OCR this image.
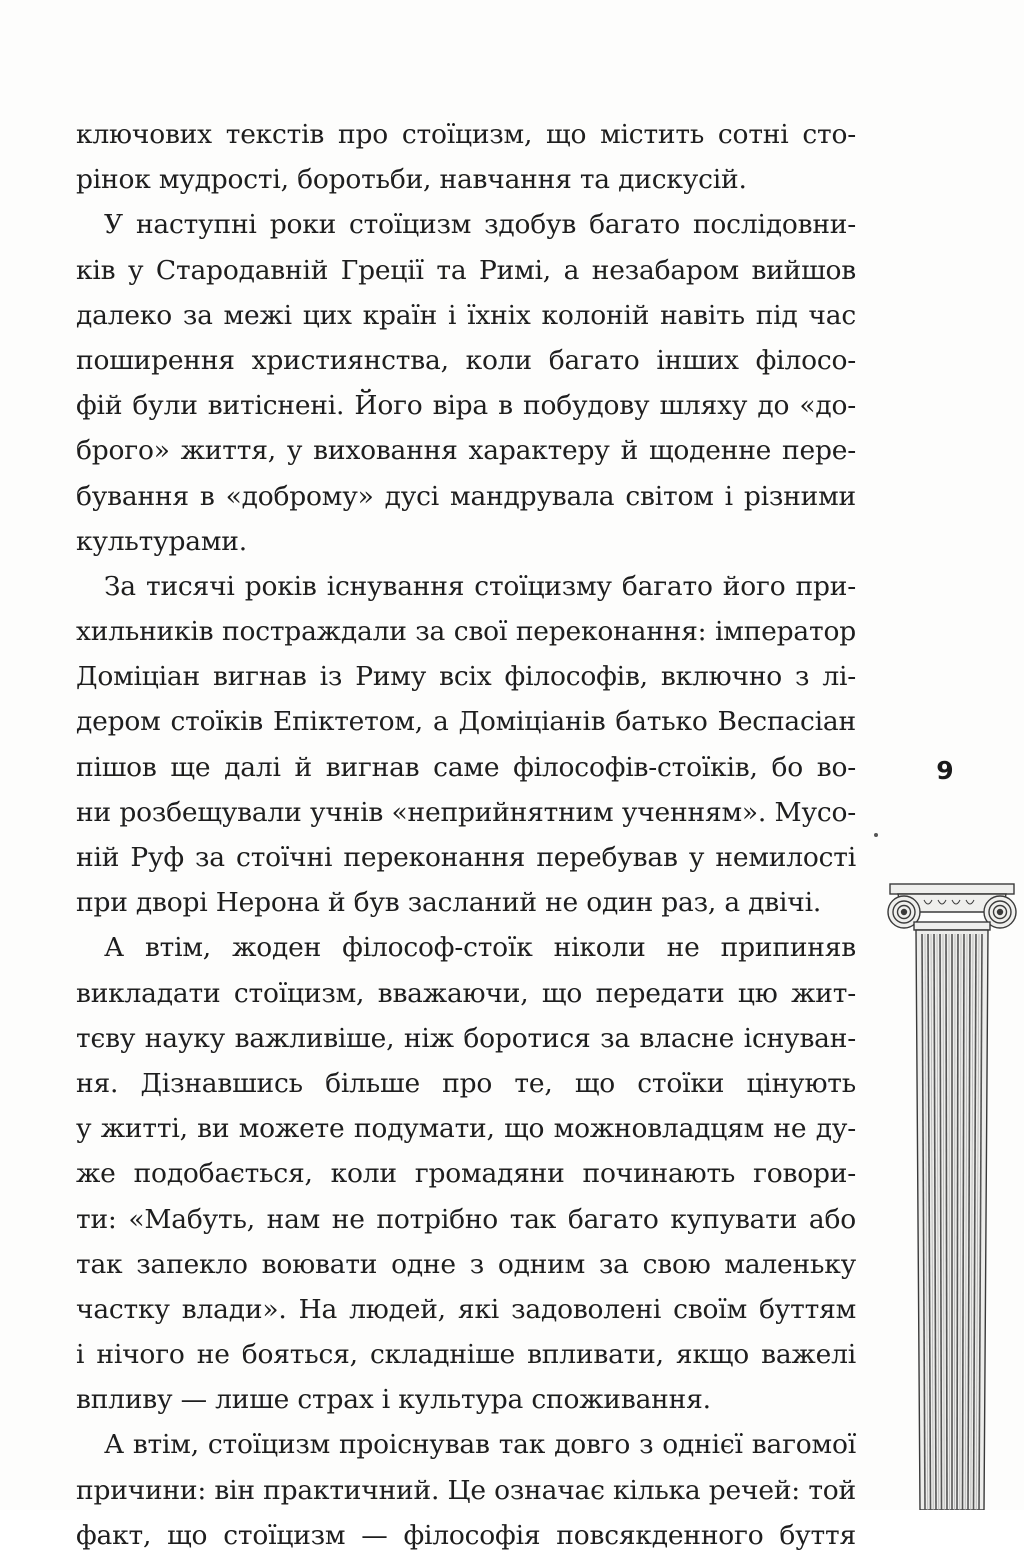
ключових текстів про стоїцизм, що містить сотні сто-
рінок мудрості, боротьби, навчання та дискусій.
У наступні роки стоїцизм здобув багато послідовни-
ків у Стародавній Греції та Римі, а незабаром вийшов
далеко за межі цих країн і їхніх колоній навіть під час
поширення християнства, коли багато інших філосо-
фій були витіснені. Його віра в побудову шляху до «до-
брого» життя, у виховання характеру й щоденне пере-
бування в «доброму» дусі мандрувала світом і різними
культурами.
За тисячі років існування стоїцизму багато його при-
хильників постраждали за свої переконання: імператор
Доміціан вигнав із Риму всіх філософів, включно з лі-
дером стоїків Епіктетом, а Доміціанів батько Веспасіан
пішов ще далі й вигнав саме філософів-стоїків, бо во-
ни розбещували учнів «неприйнятним ученням». Мусо-
ній Руф за стоїчні переконання перебував у немилості
при дворі Нерона й був засланий не один раз, а двічі.
А втім, жоден філософ-стоїк ніколи не припиняв
викладати стоїцизм, вважаючи, що передати цю жит-
тєву науку важливіше, ніж боротися за власне існуван-
ня. Дізнавшись більше про те, що стоїки цінують
у житті, ви можете подумати, що можновладцям не ду-
же подобається, коли громадяни починають говори-
ти: «Мабуть, нам не потрібно так багато купувати або
так запекло воювати одне з одним за свою маленьку
частку влади». На людей, які задоволені своїм буттям
і нічого не бояться, складніше впливати, якщо важелі
впливу — лише страх і культура споживання.
А втім, стоїцизм проіснував так довго з однієї вагомої
причини: він практичний. Це означає кілька речей: той
факт, що стоїцизм — філософія повсякденного буття
9
